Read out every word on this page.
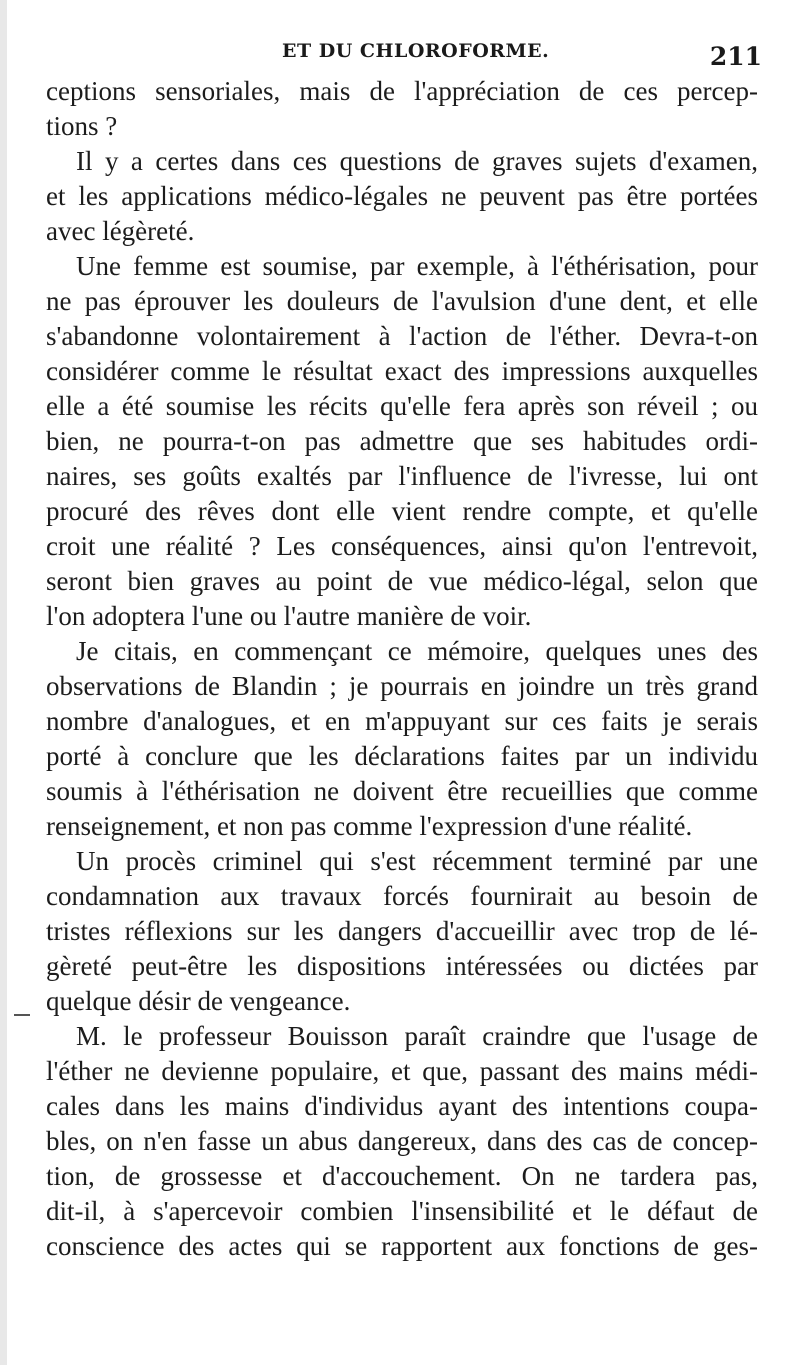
ET DU CHLOROFORME.	211
ceptions sensoriales, mais de l'appréciation de ces percep-
tions ?
Il y a certes dans ces questions de graves sujets d'examen,
et les applications médico-légales ne peuvent pas être portées
avec légèreté.
Une femme est soumise, par exemple, à l'éthérisation, pour
ne pas éprouver les douleurs de l'avulsion d'une dent, et elle
s'abandonne volontairement à l'action de l'éther. Devra-t-on
considérer comme le résultat exact des impressions auxquelles
elle a été soumise les récits qu'elle fera après son réveil ; ou
bien, ne pourra-t-on pas admettre que ses habitudes ordi-
naires, ses goûts exaltés par l'influence de l'ivresse, lui ont
procuré des rêves dont elle vient rendre compte, et qu'elle
croit une réalité ? Les conséquences, ainsi qu'on l'entrevoit,
seront bien graves au point de vue médico-légal, selon que
l'on adoptera l'une ou l'autre manière de voir.
Je citais, en commençant ce mémoire, quelques unes des
observations de Blandin ; je pourrais en joindre un très grand
nombre d'analogues, et en m'appuyant sur ces faits je serais
porté à conclure que les déclarations faites par un individu
soumis à l'éthérisation ne doivent être recueillies que comme
renseignement, et non pas comme l'expression d'une réalité.
Un procès criminel qui s'est récemment terminé par une
condamnation aux travaux forcés fournirait au besoin de
tristes réflexions sur les dangers d'accueillir avec trop de lé-
gèreté peut-être les dispositions intéressées ou dictées par
quelque désir de vengeance.
M. le professeur Bouisson paraît craindre que l'usage de
l'éther ne devienne populaire, et que, passant des mains médi-
cales dans les mains d'individus ayant des intentions coupa-
bles, on n'en fasse un abus dangereux, dans des cas de concep-
tion, de grossesse et d'accouchement. On ne tardera pas,
dit-il, à s'apercevoir combien l'insensibilité et le défaut de
conscience des actes qui se rapportent aux fonctions de ges-
